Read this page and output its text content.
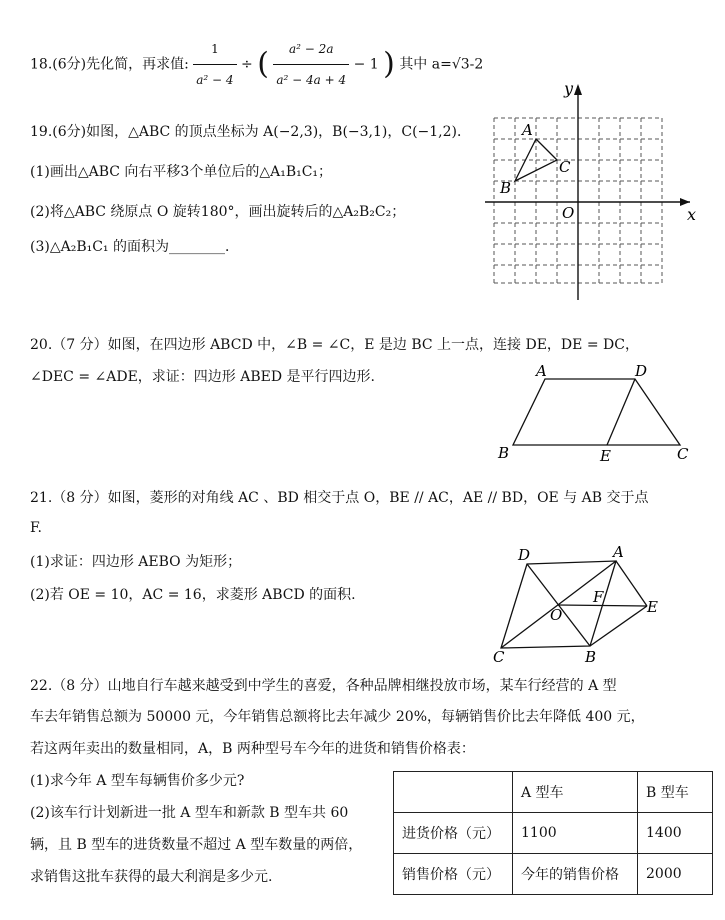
18.(6分)先化简，再求值: $\frac{1}{\text{a² − 4}}$ ÷ ( $\frac{\text{a² − 2a}}{\text{a² − 4a + 4}} - 1$ ) 其中 a=√3-2
19.(6分)如图，△ABC 的顶点坐标为 A(−2,3)，B(−3,1)，C(−1,2)．
(1)画出△ABC 向右平移3个单位后的△A₁B₁C₁；
(2)将△ABC 绕原点 O 旋转180°，画出旋转后的△A₂B₂C₂；
(3)△A₂B₁C₁ 的面积为________．
y
x
O
A
B
C
20.（7 分）如图，在四边形 ABCD 中，∠B = ∠C，E 是边 BC 上一点，连接 DE，DE = DC，
∠DEC = ∠ADE，求证：四边形 ABED 是平行四边形.	A	D
B	E	C
21.（8 分）如图，菱形的对角线 AC 、BD 相交于点 O，BE // AC，AE // BD，OE 与 AB 交于点
F.
(1)求证：四边形 AEBO 为矩形；
(2)若 OE = 10，AC = 16，求菱形 ABCD 的面积.
D	A
F
O	E
C	B
22.（8 分）山地自行车越来越受到中学生的喜爱，各种品牌相继投放市场，某车行经营的 A 型
车去年销售总额为 50000 元，今年销售总额将比去年减少 20%，每辆销售价比去年降低 400 元，
若这两年卖出的数量相同，A，B 两种型号车今年的进货和销售价格表：
(1)求今年 A 型车每辆售价多少元?
(2)该车行计划新进一批 A 型车和新款 B 型车共 60
辆，且 B 型车的进货数量不超过 A 型车数量的两倍，
求销售这批车获得的最大利润是多少元.
	A 型车	B 型车
进货价格（元）	1100	1400
销售价格（元）	今年的销售价格	2000
